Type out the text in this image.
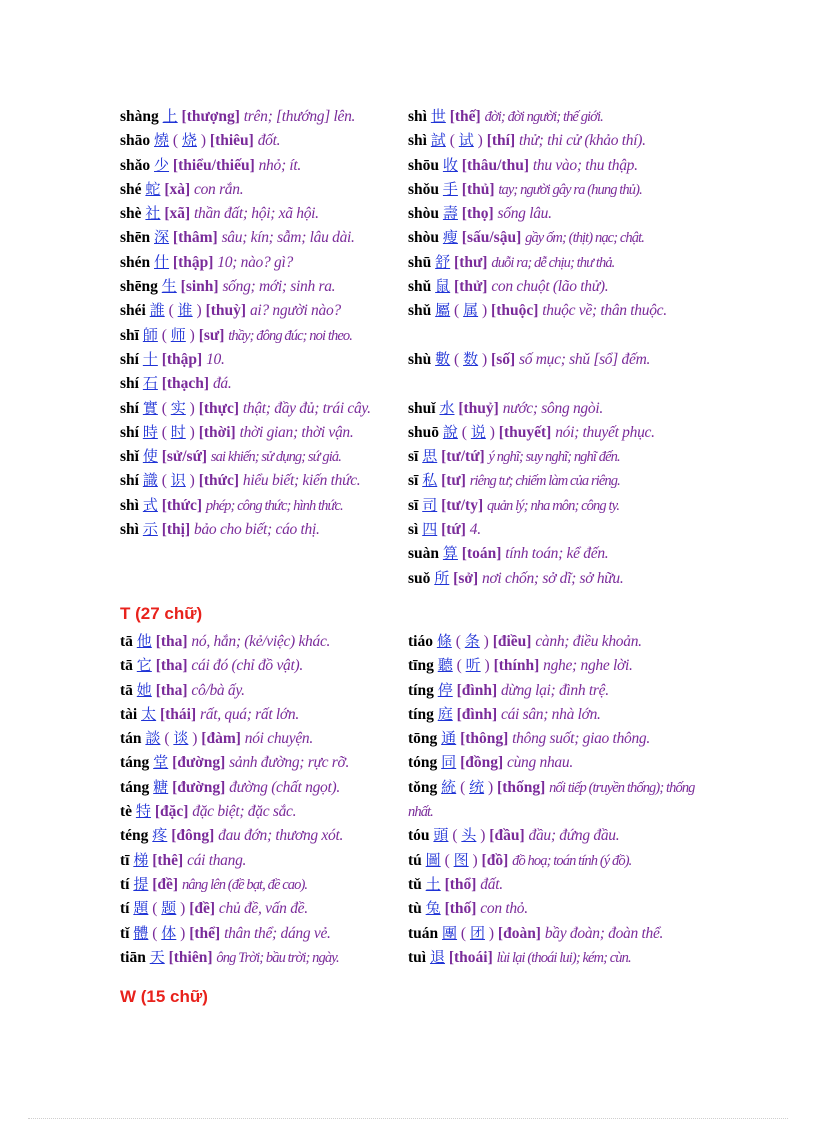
shàng 上 [thượng] trên; [thướng] lên.
shāo 燒 ( 烧 ) [thiêu] đốt.
shǎo 少 [thiểu/thiếu] nhỏ; ít.
shé 蛇 [xà] con rắn.
shè 社 [xã] thần đất; hội; xã hội.
shēn 深 [thâm] sâu; kín; sẫm; lâu dài.
shén 什 [thập] 10; nào? gì?
shēng 生 [sinh] sống; mới; sinh ra.
shéi 誰 ( 谁 ) [thuỳ] ai? người nào?
shī 師 ( 师 ) [sư] thầy; đông đúc; noi theo.
shí 十 [thập] 10.
shí 石 [thạch] đá.
shí 實 ( 实 ) [thực] thật; đầy đủ; trái cây.
shí 時 ( 时 ) [thời] thời gian; thời vận.
shǐ 使 [sử/sứ] sai khiến; sử dụng; sứ giả.
shí 識 ( 识 ) [thức] hiểu biết; kiến thức.
shì 式 [thức] phép; công thức; hình thức.
shì 示 [thị] bảo cho biết; cáo thị.
shì 世 [thế] đời; đời người; thế giới.
shì 試 ( 试 ) [thí] thử; thi cử (khảo thí).
shōu 收 [thâu/thu] thu vào; thu thập.
shǒu 手 [thủ] tay; người gây ra (hung thủ).
shòu 壽 [thọ] sống lâu.
shòu 瘦 [sấu/sậu] gầy ốm; (thịt) nạc; chật.
shū 舒 [thư] duỗi ra; dễ chịu; thư thả.
shǔ 鼠 [thử] con chuột (lão thử).
shǔ 屬 ( 属 ) [thuộc] thuộc về; thân thuộc.
shù 數 ( 数 ) [số] số mục; shǔ [sổ] đếm.
shuǐ 水 [thuỷ] nước; sông ngòi.
shuō 說 ( 说 ) [thuyết] nói; thuyết phục.
sī 思 [tư/tứ] ý nghĩ; suy nghĩ; nghĩ đến.
sī 私 [tư] riêng tư; chiếm làm của riêng.
sī 司 [tư/ty] quản lý; nha môn; công ty.
sì 四 [tứ] 4.
suàn 算 [toán] tính toán; kể đến.
suǒ 所 [sở] nơi chốn; sở dĩ; sở hữu.
T (27 chữ)
tā 他 [tha] nó, hắn; (kẻ/việc) khác.
tā 它 [tha] cái đó (chỉ đồ vật).
tā 她 [tha] cô/bà ấy.
tài 太 [thái] rất, quá; rất lớn.
tán 談 ( 谈 ) [đàm] nói chuyện.
táng 堂 [đường] sảnh đường; rực rỡ.
táng 糖 [đường] đường (chất ngọt).
tè 特 [đặc] đặc biệt; đặc sắc.
téng 疼 [đông] đau đớn; thương xót.
tī 梯 [thê] cái thang.
tí 提 [đề] nâng lên (đề bạt, đề cao).
tí 題 ( 题 ) [đề] chủ đề, vấn đề.
tǐ 體 ( 体 ) [thể] thân thể; dáng vẻ.
tiān 天 [thiên] ông Trời; bầu trời; ngày.
tiáo 條 ( 条 ) [điều] cành; điều khoản.
tīng 聽 ( 听 ) [thính] nghe; nghe lời.
tíng 停 [đình] dừng lại; đình trệ.
tíng 庭 [đình] cái sân; nhà lớn.
tōng 通 [thông] thông suốt; giao thông.
tóng 同 [đồng] cùng nhau.
tǒng 統 ( 统 ) [thống] nối tiếp (truyền thống); thống nhất.
tóu 頭 ( 头 ) [đầu] đầu; đứng đầu.
tú 圖 ( 图 ) [đồ] đồ hoạ; toán tính (ý đồ).
tǔ 土 [thổ] đất.
tù 兔 [thố] con thỏ.
tuán 團 ( 团 ) [đoàn] bầy đoàn; đoàn thể.
tuì 退 [thoái] lùi lại (thoái lui); kém; cùn.
W (15 chữ)
